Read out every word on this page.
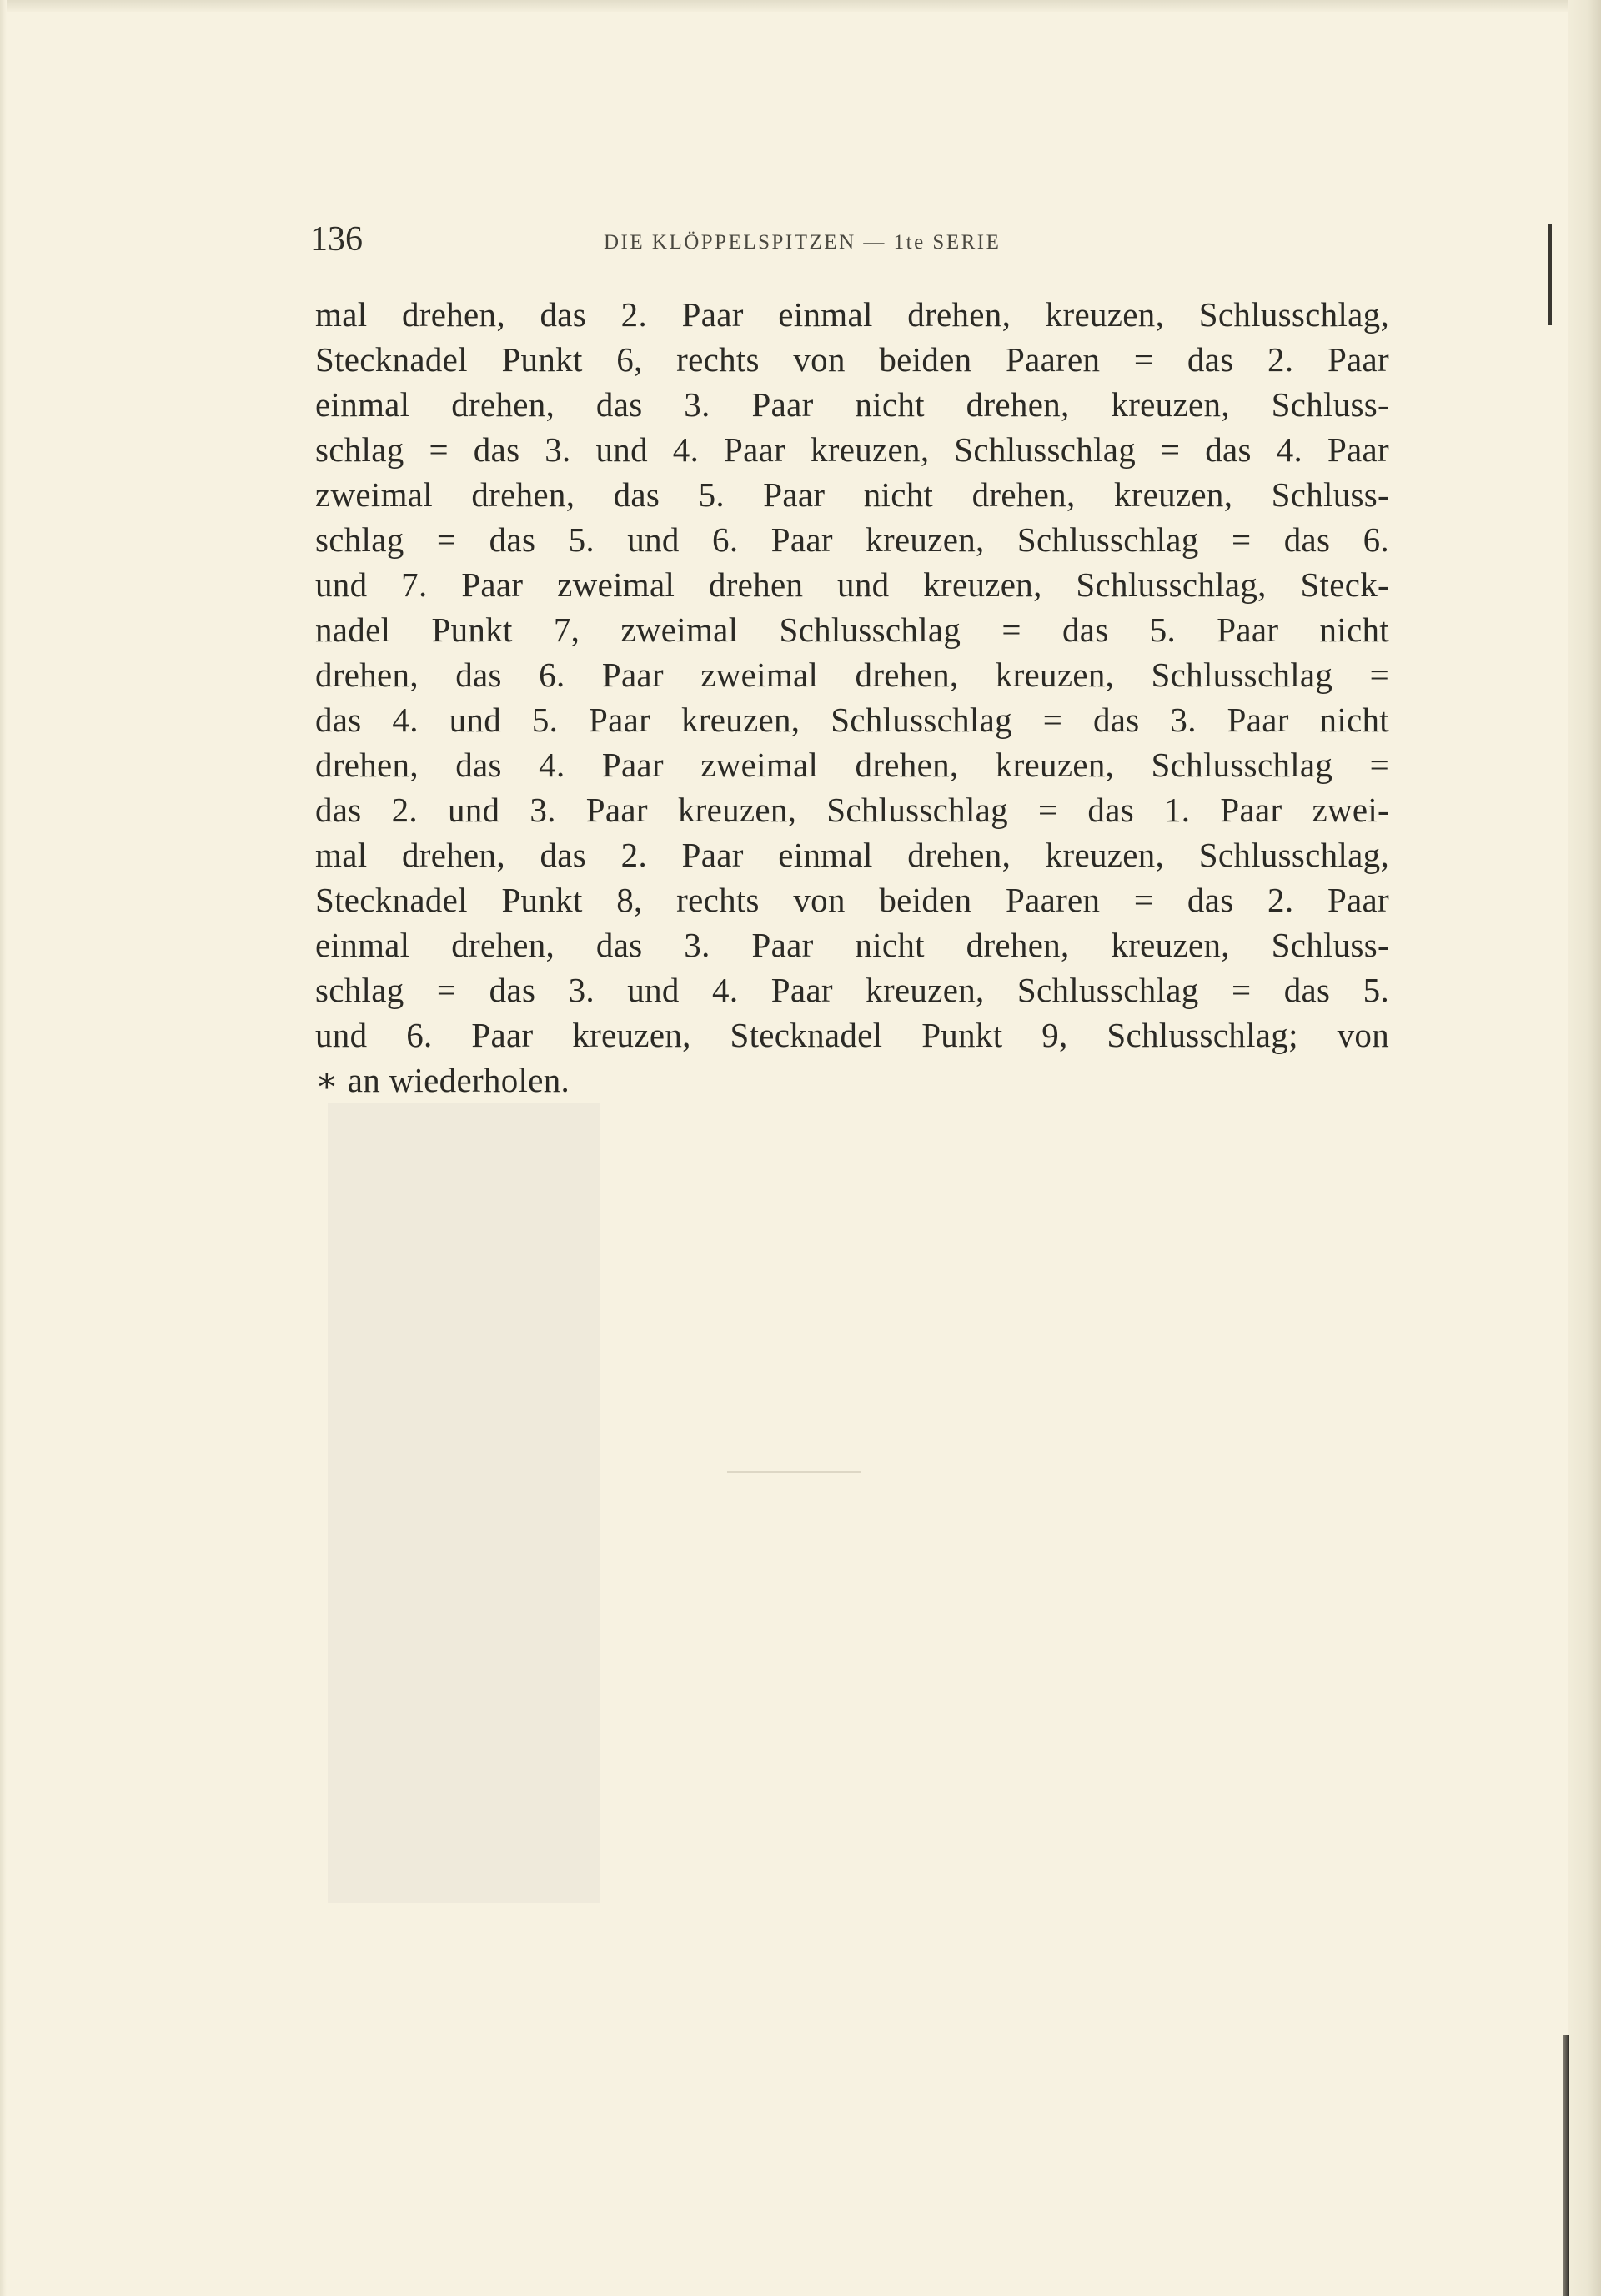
136	DIE KLÖPPELSPITZEN — 1te SERIE
mal drehen, das 2. Paar einmal drehen, kreuzen, Schlusschlag,
Stecknadel Punkt 6, rechts von beiden Paaren = das 2. Paar
einmal drehen, das 3. Paar nicht drehen, kreuzen, Schluss-
schlag = das 3. und 4. Paar kreuzen, Schlusschlag = das 4. Paar
zweimal drehen, das 5. Paar nicht drehen, kreuzen, Schluss-
schlag = das 5. und 6. Paar kreuzen, Schlusschlag = das 6.
und 7. Paar zweimal drehen und kreuzen, Schlusschlag, Steck-
nadel Punkt 7, zweimal Schlusschlag = das 5. Paar nicht
drehen, das 6. Paar zweimal drehen, kreuzen, Schlusschlag =
das 4. und 5. Paar kreuzen, Schlusschlag = das 3. Paar nicht
drehen, das 4. Paar zweimal drehen, kreuzen, Schlusschlag =
das 2. und 3. Paar kreuzen, Schlusschlag = das 1. Paar zwei-
mal drehen, das 2. Paar einmal drehen, kreuzen, Schlusschlag,
Stecknadel Punkt 8, rechts von beiden Paaren = das 2. Paar
einmal drehen, das 3. Paar nicht drehen, kreuzen, Schluss-
schlag = das 3. und 4. Paar kreuzen, Schlusschlag = das 5.
und 6. Paar kreuzen, Stecknadel Punkt 9, Schlusschlag; von
∗ an wiederholen.
